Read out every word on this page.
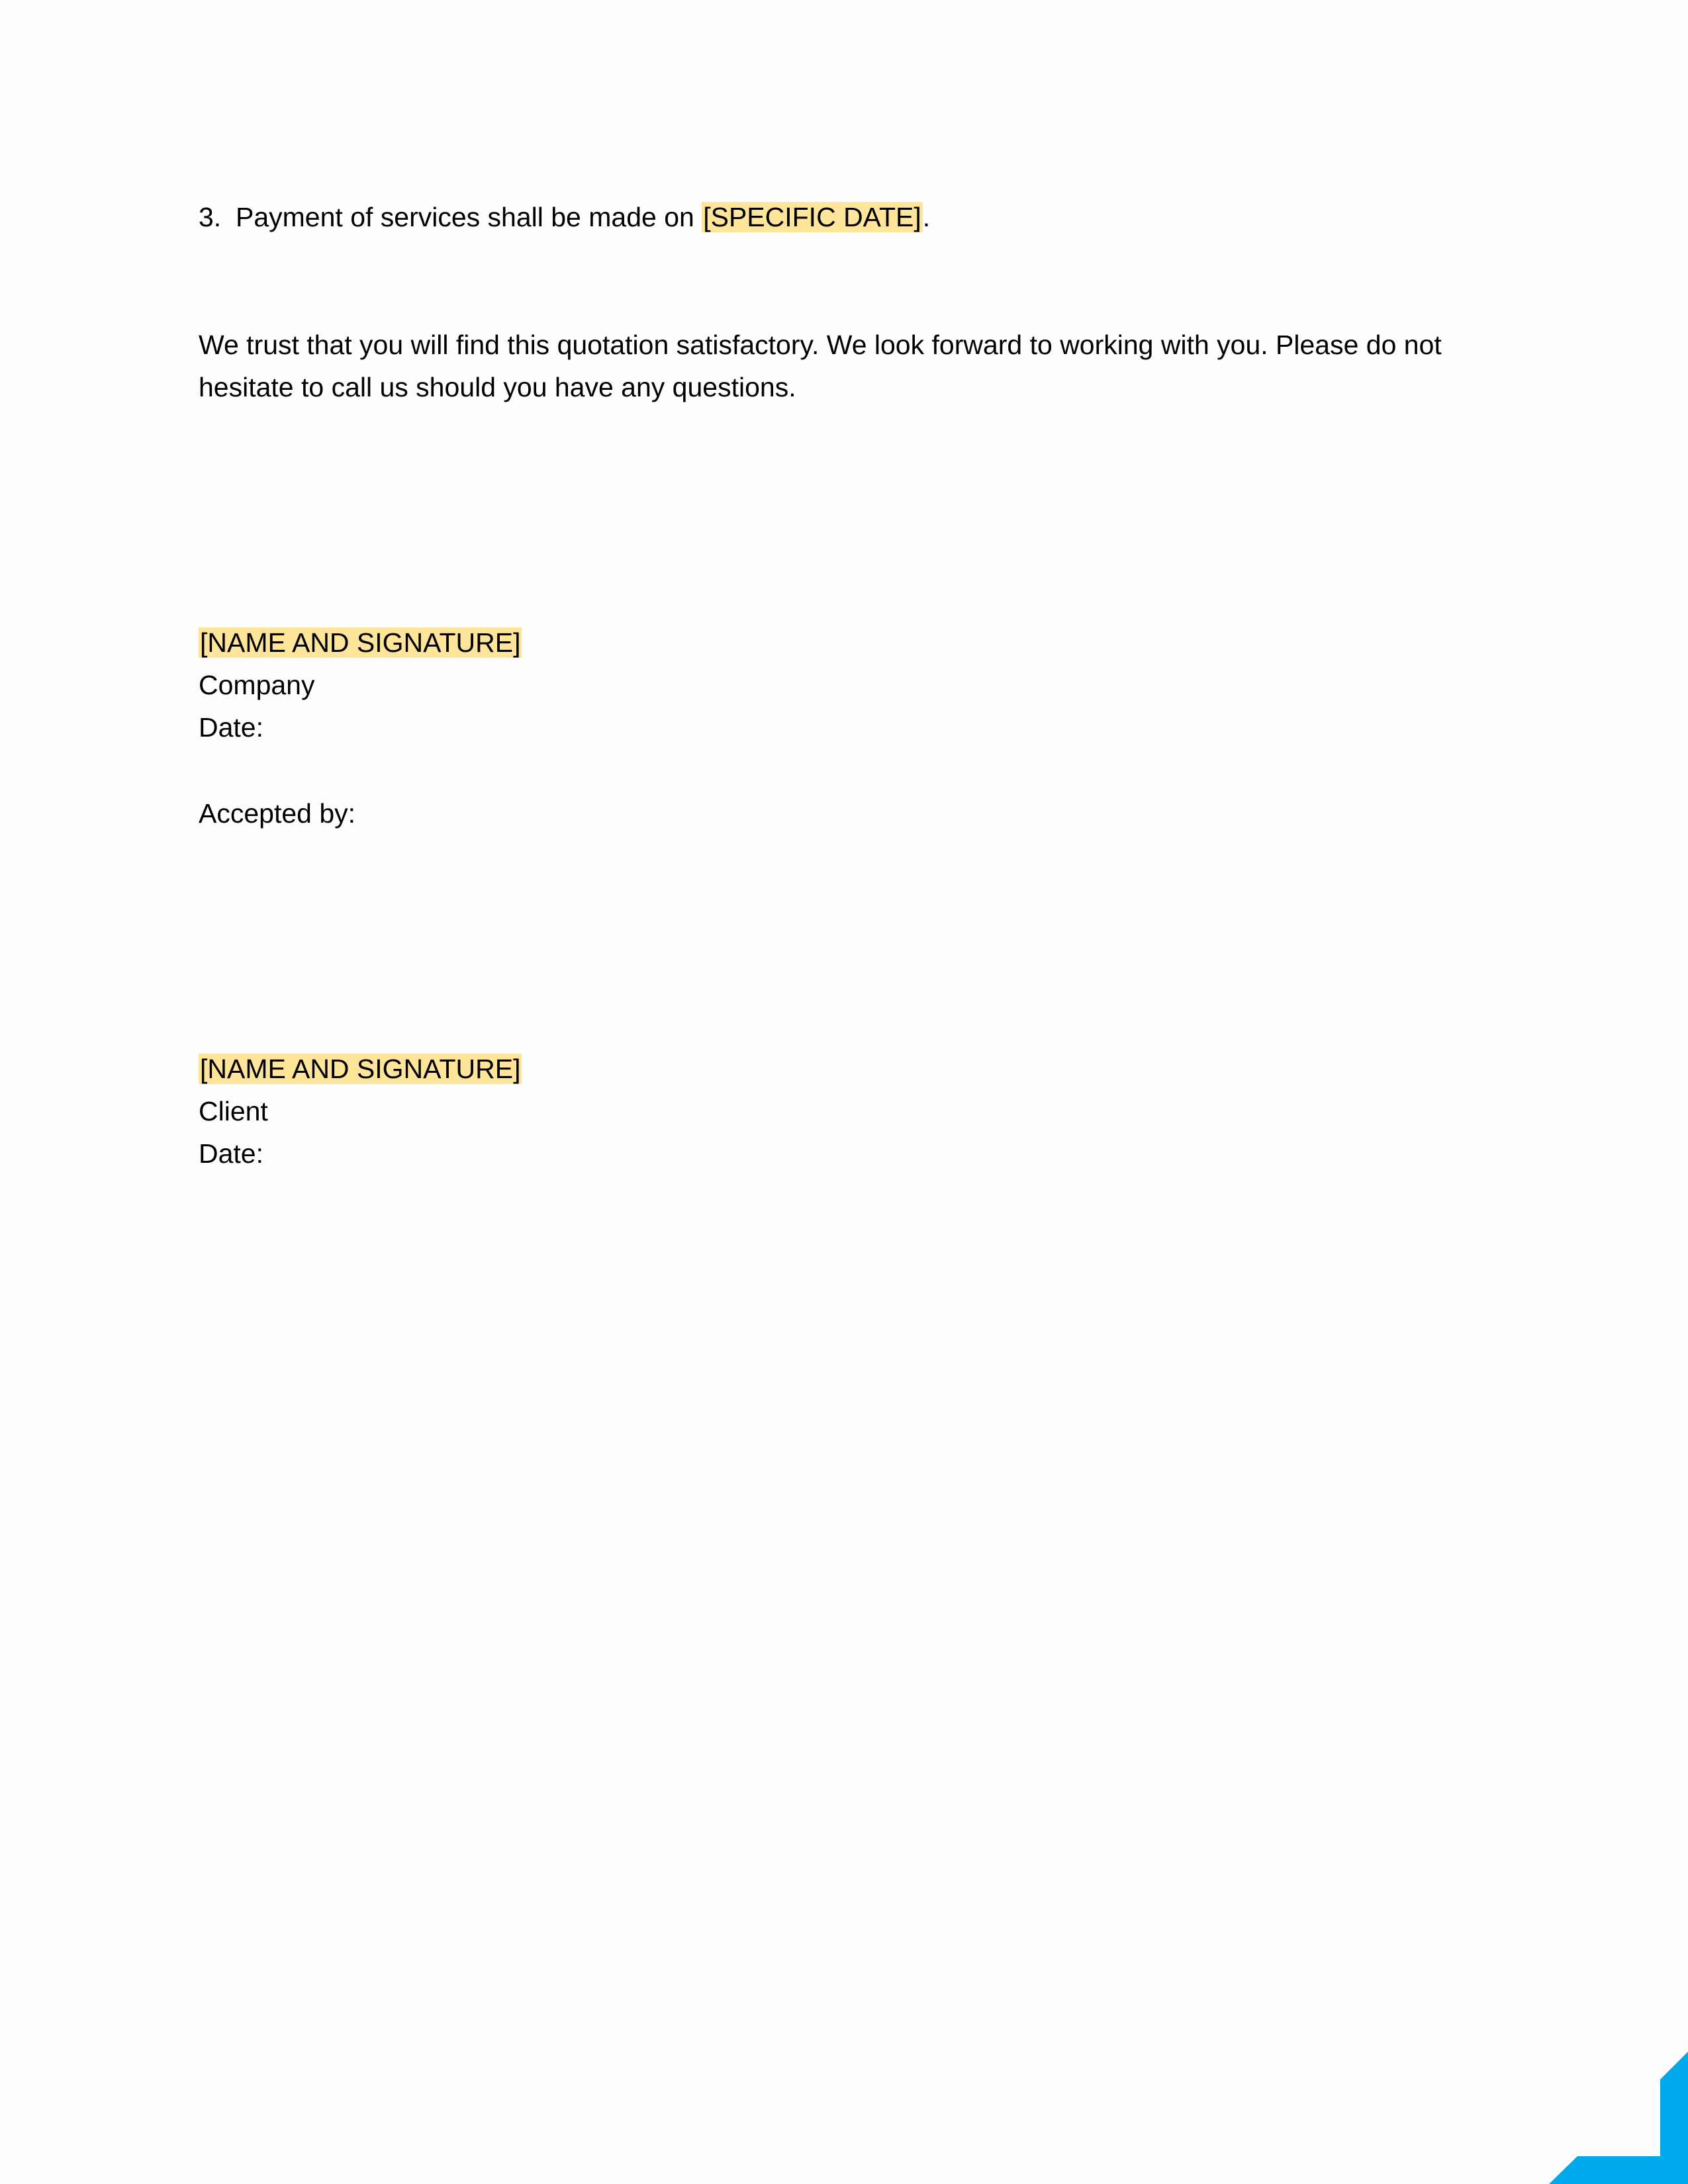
3. Payment of services shall be made on [SPECIFIC DATE].
We trust that you will find this quotation satisfactory. We look forward to working with you. Please do not hesitate to call us should you have any questions.
[NAME AND SIGNATURE]
Company
Date:
Accepted by:
[NAME AND SIGNATURE]
Client
Date:
